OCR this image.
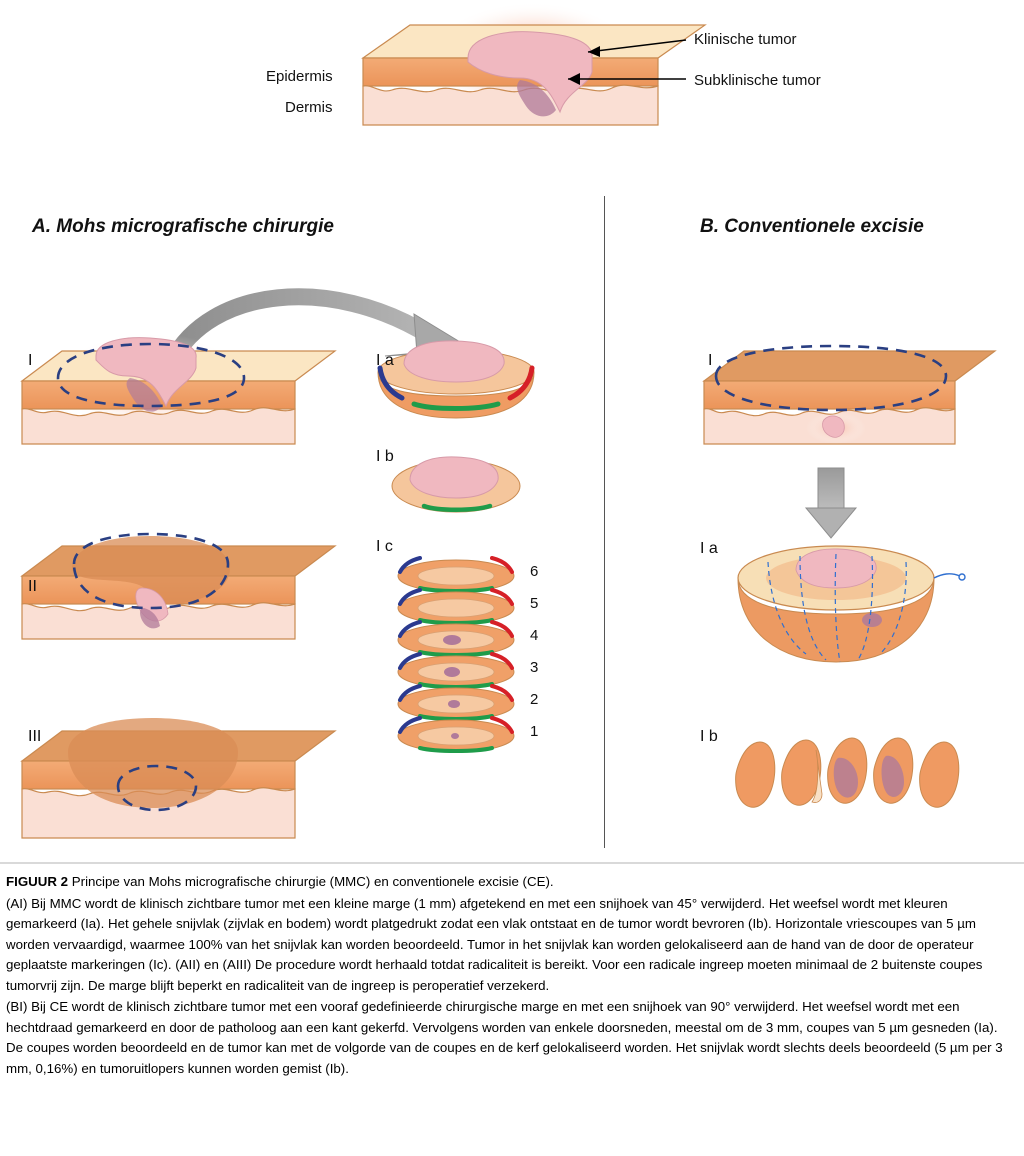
Epidermis
Dermis
Klinische tumor
Subklinische tumor
A. Mohs micrografische chirurgie	B. Conventionele excisie
I
II
III
I a
I b
I c
6
5
4
3
2
1
I
I a
I b

FIGUUR 2 Principe van Mohs micrografische chirurgie (MMC) en conventionele excisie (CE).

(AI) Bij MMC wordt de klinisch zichtbare tumor met een kleine marge (1 mm) afgetekend en met een snijhoek van 45° verwijderd. Het weefsel wordt met kleuren gemarkeerd (Ia). Het gehele snijvlak (zijvlak en bodem) wordt platgedrukt zodat een vlak ontstaat en de tumor wordt bevroren (Ib). Horizontale vriescoupes van 5 µm worden vervaardigd, waarmee 100% van het snijvlak kan worden beoordeeld. Tumor in het snijvlak kan worden gelokaliseerd aan de hand van de door de operateur geplaatste markeringen (Ic). (AII) en (AIII) De procedure wordt herhaald totdat radicaliteit is bereikt. Voor een radicale ingreep moeten minimaal de 2 buitenste coupes tumorvrij zijn. De marge blijft beperkt en radicaliteit van de ingreep is peroperatief verzekerd.

(BI) Bij CE wordt de klinisch zichtbare tumor met een vooraf gedefinieerde chirurgische marge en met een snijhoek van 90° verwijderd. Het weefsel wordt met een hechtdraad gemarkeerd en door de patholoog aan een kant gekerfd. Vervolgens worden van enkele doorsneden, meestal om de 3 mm, coupes van 5 µm gesneden (Ia). De coupes worden beoordeeld en de tumor kan met de volgorde van de coupes en de kerf gelokaliseerd worden. Het snijvlak wordt slechts deels beoordeeld (5 µm per 3 mm, 0,16%) en tumoruitlopers kunnen worden gemist (Ib).
